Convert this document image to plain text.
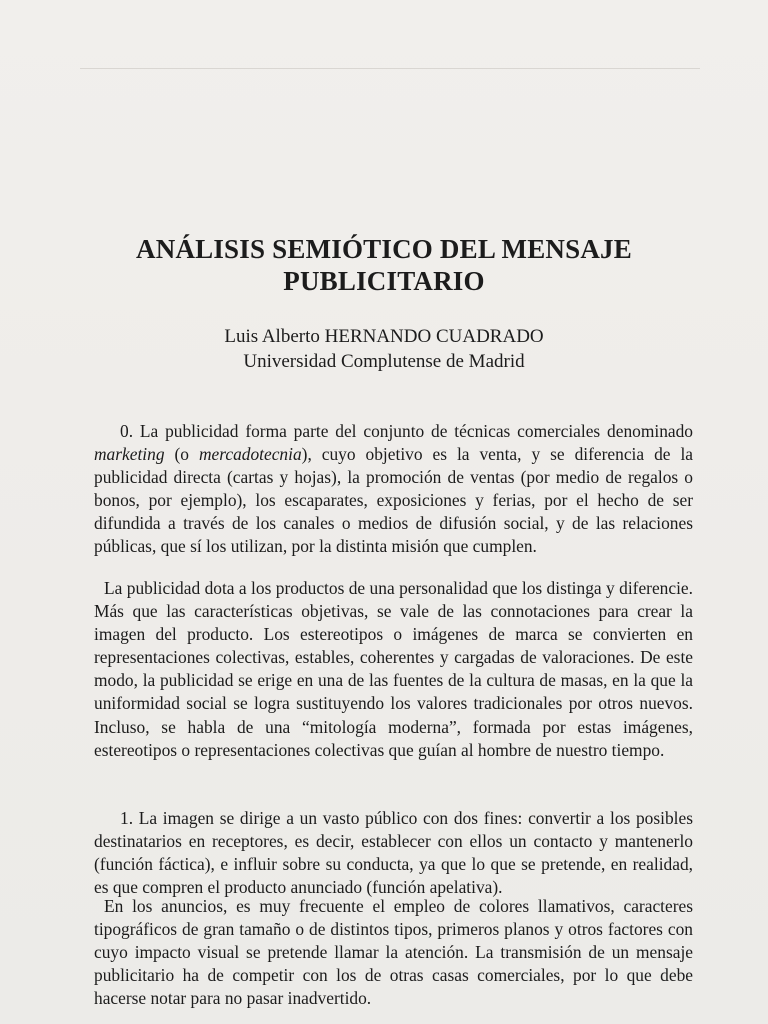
ANÁLISIS SEMIÓTICO DEL MENSAJE PUBLICITARIO
Luis Alberto HERNANDO CUADRADO
Universidad Complutense de Madrid

0. La publicidad forma parte del conjunto de técnicas comerciales denominado marketing (o mercadotecnia), cuyo objetivo es la venta, y se diferencia de la publicidad directa (cartas y hojas), la promoción de ventas (por medio de regalos o bonos, por ejemplo), los escaparates, exposiciones y ferias, por el hecho de ser difundida a través de los canales o medios de difusión social, y de las relaciones públicas, que sí los utilizan, por la distinta misión que cumplen.

La publicidad dota a los productos de una personalidad que los distinga y diferencie. Más que las características objetivas, se vale de las connotaciones para crear la imagen del producto. Los estereotipos o imágenes de marca se convierten en representaciones colectivas, estables, coherentes y cargadas de valoraciones. De este modo, la publicidad se erige en una de las fuentes de la cultura de masas, en la que la uniformidad social se logra sustituyendo los valores tradicionales por otros nuevos. Incluso, se habla de una “mitología moderna”, formada por estas imágenes, estereotipos o representaciones colectivas que guían al hombre de nuestro tiempo.

1. La imagen se dirige a un vasto público con dos fines: convertir a los posibles destinatarios en receptores, es decir, establecer con ellos un contacto y mantenerlo (función fáctica), e influir sobre su conducta, ya que lo que se pretende, en realidad, es que compren el producto anunciado (función apelativa).

En los anuncios, es muy frecuente el empleo de colores llamativos, caracteres tipográficos de gran tamaño o de distintos tipos, primeros planos y otros factores con cuyo impacto visual se pretende llamar la atención. La transmisión de un mensaje publicitario ha de competir con los de otras casas comerciales, por lo que debe hacerse notar para no pasar inadvertido.
